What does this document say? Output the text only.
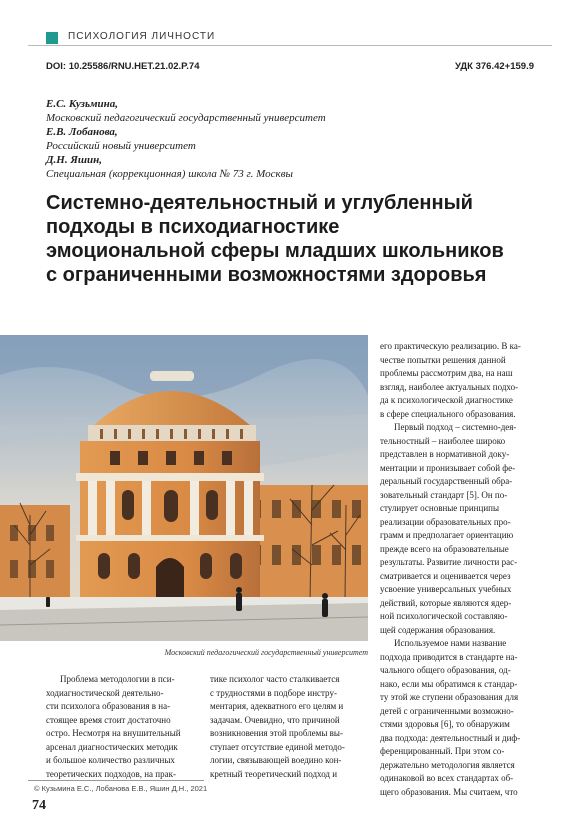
ПСИХОЛОГИЯ ЛИЧНОСТИ
DOI: 10.25586/RNU.HET.21.02.P.74	УДК 376.42+159.9
Е.С. Кузьмина,
Московский педагогический государственный университет
Е.В. Лобанова,
Российский новый университет
Д.Н. Яшин,
Специальная (коррекционная) школа № 73 г. Москвы
Системно-деятельностный и углубленный
подходы в психодиагностике
эмоциональной сферы младших школьников
с ограниченными возможностями здоровья
Московский педагогический государственный университет

его практическую реализацию. В ка-

честве попытки решения данной

проблемы рассмотрим два, на наш

взгляд, наиболее актуальных подхо-

да к психологической диагностике

в сфере специального образования.

Первый подход – системно-дея-

тельностный – наиболее широко

представлен в нормативной доку-

ментации и пронизывает собой фе-

деральный государственный обра-

зовательный стандарт [5]. Он по-

стулирует основные принципы

реализации образовательных про-

грамм и предполагает ориентацию

прежде всего на образовательные

результаты. Развитие личности рас-

сматривается и оценивается через

усвоение универсальных учебных

действий, которые являются ядер-

ной психологической составляю-

щей содержания образования.

Используемое нами название

подхода приводится в стандарте на-

чального общего образования, од-

нако, если мы обратимся к стандар-

ту этой же ступени образования для

детей с ограниченными возможно-

стями здоровья [6], то обнаружим

два подхода: деятельностный и диф-

ференцированный. При этом со-

держательно методология является

одинаковой во всех стандартах об-

щего образования. Мы считаем, что

Проблема методологии в пси-

ходиагностической деятельно-

сти психолога образования в на-

стоящее время стоит достаточно

остро. Несмотря на внушительный

арсенал диагностических методик

и большое количество различных

теоретических подходов, на прак-

тике психолог часто сталкивается

с трудностями в подборе инстру-

ментария, адекватного его целям и

задачам. Очевидно, что причиной

возникновения этой проблемы вы-

ступает отсутствие единой методо-

логии, связывающей воедино кон-

кретный теоретический подход и

© Кузьмина Е.С., Лобанова Е.В., Яшин Д.Н., 2021
74
